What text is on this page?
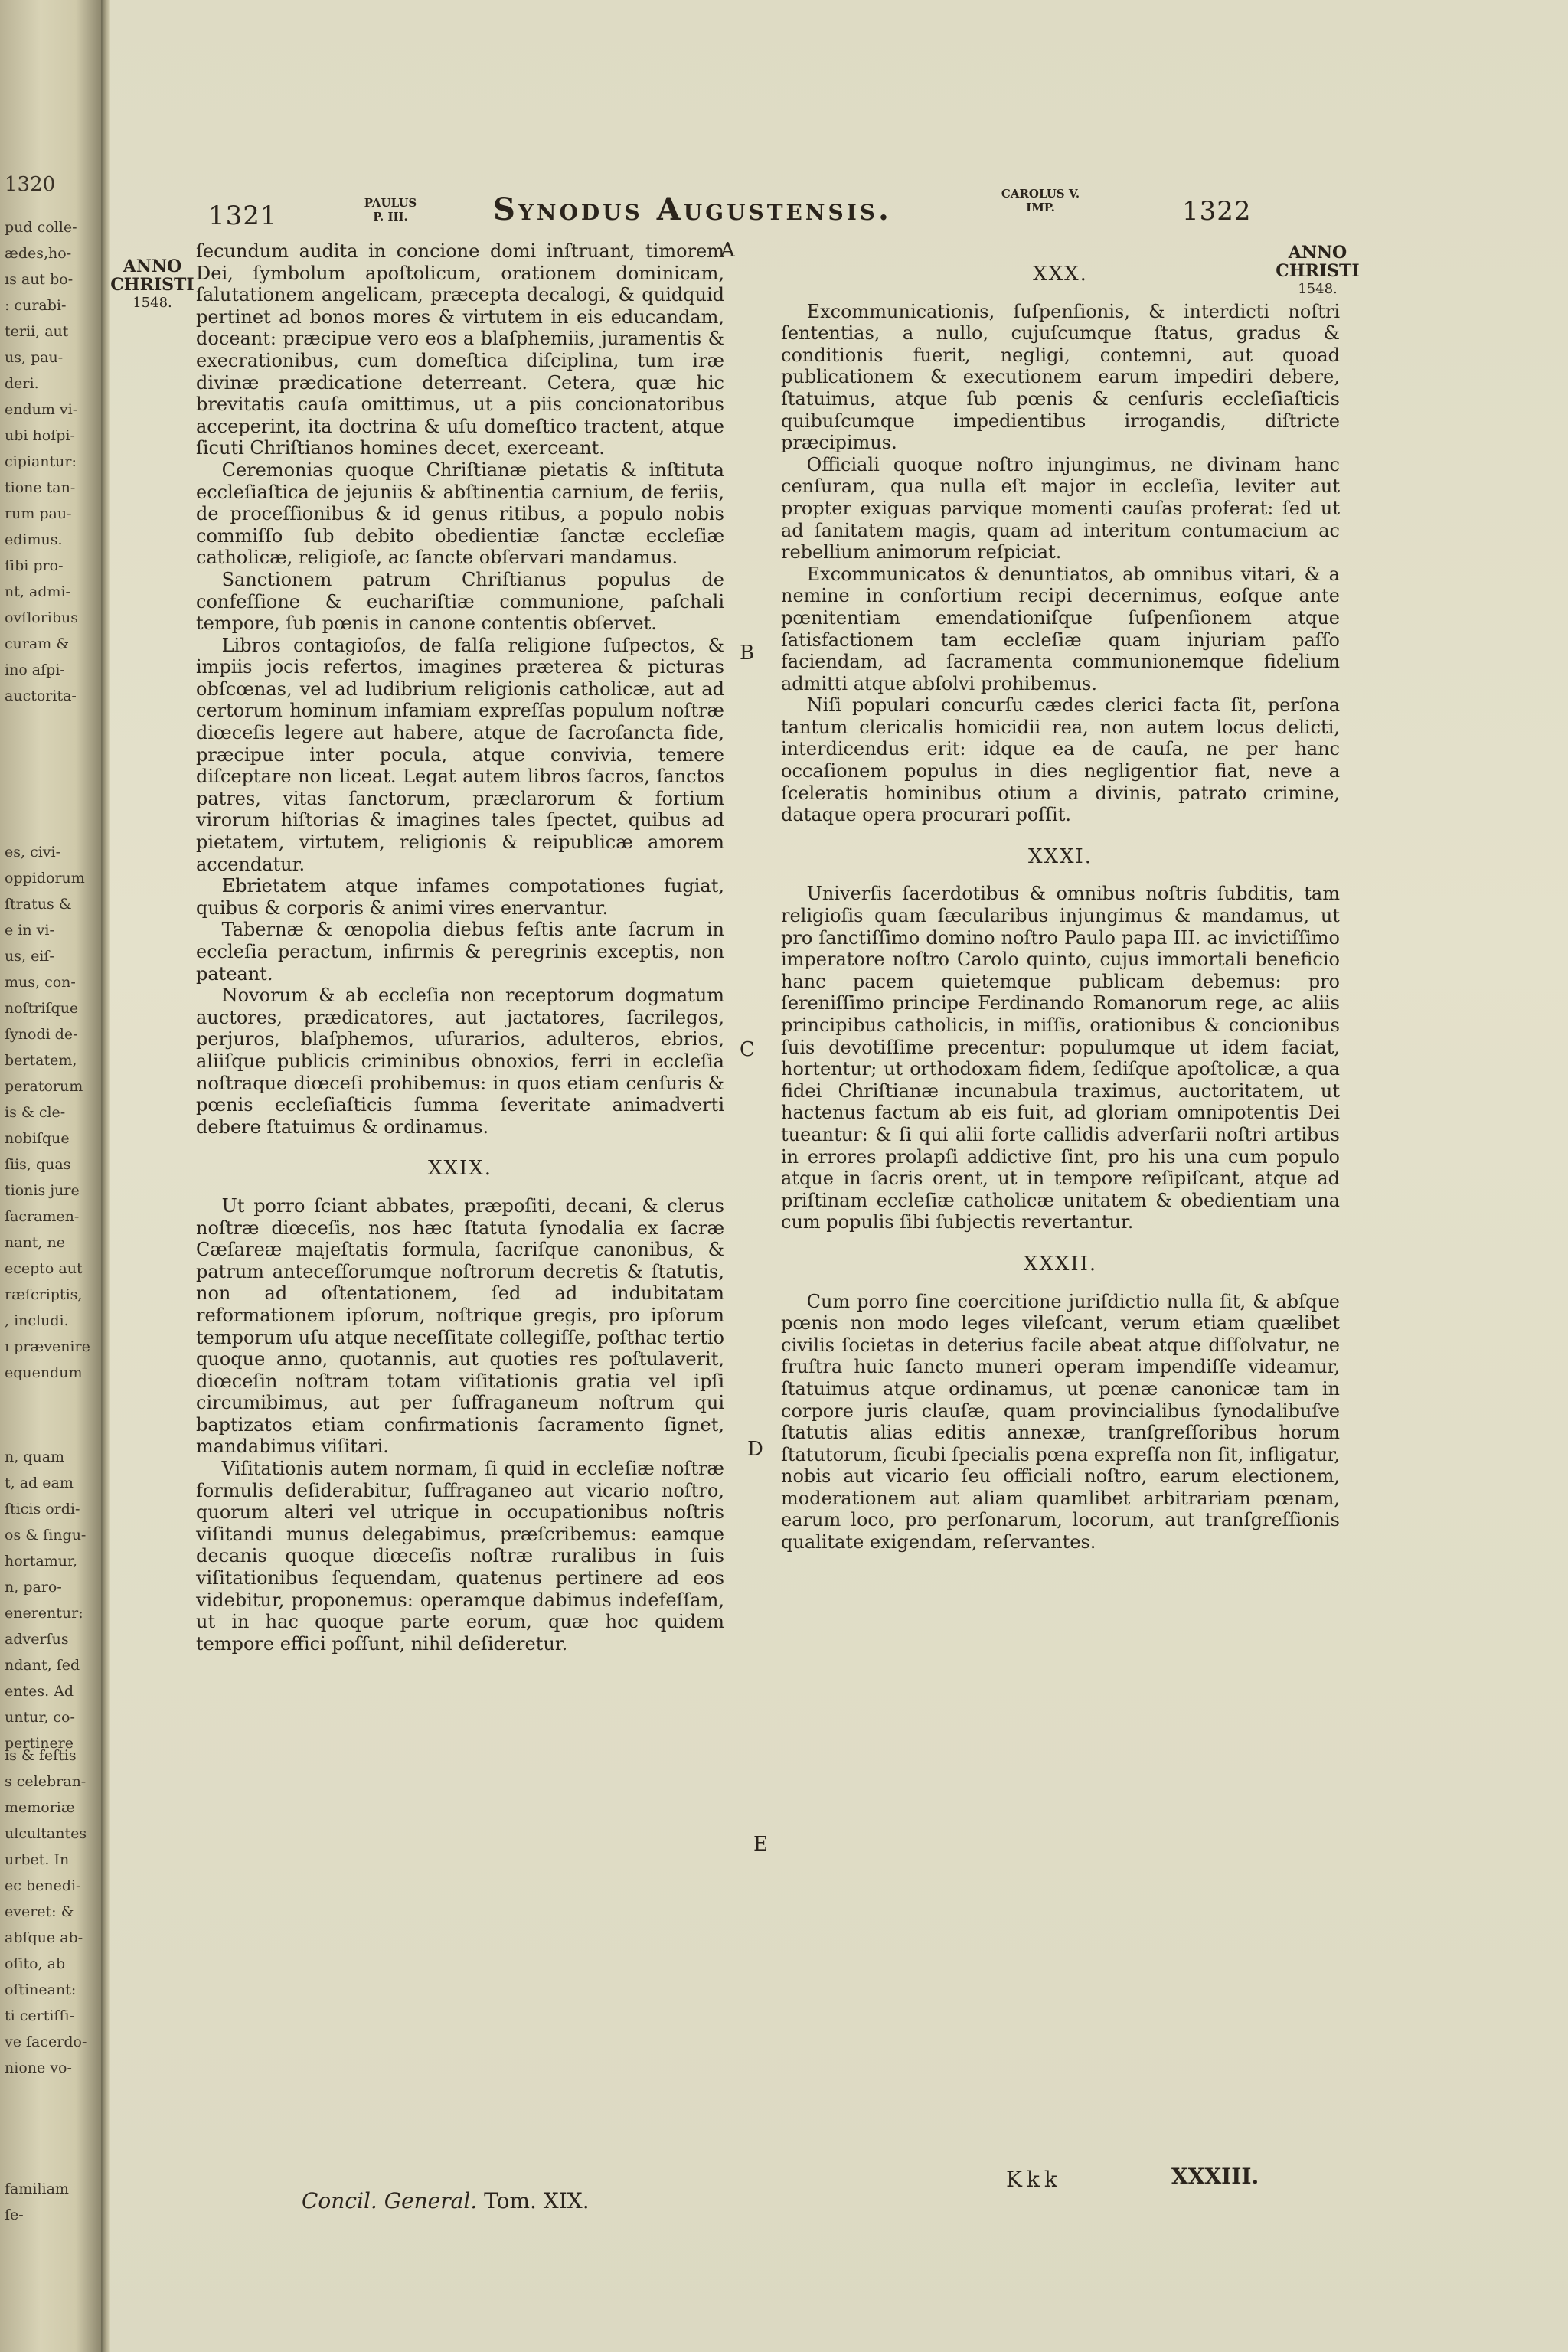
1320
pud colle-
ædes,ho-
ıs aut bo-
: curabi-
terii, aut
us, pau-
deri.
endum vi-
ubi hoſpi-
cipiantur:
tione tan-
rum pau-
edimus.
ſibi pro-
nt, admi-
ovſloribus
curam &
ino aſpi-
auctorita-
es, civi-
oppidorum
ſtratus &
e in vi-
us, eiſ-
mus, con-
noſtriſque
ſynodi de-
bertatem,
peratorum
is & cle-
nobiſque
ſiis, quas
tionis jure
ſacramen-
nant, ne
ecepto aut
ræſcriptis,
, includi.
ı prævenire
equendum
n, quam
t, ad eam
ſticis ordi-
os & ſingu-
hortamur,
n, paro-
enerentur:
adverſus
ndant, ſed
entes. Ad
untur, co-
pertinere
is & feſtis
s celebran-
memoriæ
ulcultantes
urbet. In
ec benedi-
everet: &
abſque ab-
oſito, ab
oſtineant:
ti certiſſi-
ve ſacerdo-
nione vo-
familiam
ſe-
1321	PAULUS
P. III.	Synodus Augustensis.	CAROLUS V.
IMP.	1322
ANNO
CHRISTI
1548.
ANNO
CHRISTI
1548.
A
B
C
D
E

ſecundum audita in concione domi inſtruant, timorem Dei, ſymbolum apoſtolicum, orationem dominicam, ſalutationem angelicam, præcepta decalogi, & quidquid pertinet ad bonos mores & virtutem in eis educandam, doceant: præcipue vero eos a blaſphemiis, juramentis & execrationibus, cum domeſtica diſciplina, tum iræ divinæ prædicatione deterreant. Cetera, quæ hic brevitatis cauſa omittimus, ut a piis concionatoribus acceperint, ita doctrina & uſu domeſtico tractent, atque ſicuti Chriſtianos homines decet, exerceant.

Ceremonias quoque Chriſtianæ pietatis & inſtituta eccleſiaſtica de jejuniis & abſtinentia carnium, de feriis, de proceſſionibus & id genus ritibus, a populo nobis commiſſo ſub debito obedientiæ ſanctæ eccleſiæ catholicæ, religioſe, ac ſancte obſervari mandamus.

Sanctionem patrum Chriſtianus populus de confeſſione & euchariſtiæ communione, paſchali tempore, ſub pœnis in canone contentis obſervet.

Libros contagioſos, de falſa religione ſuſpectos, & impiis jocis refertos, imagines præterea & picturas obſcœnas, vel ad ludibrium religionis catholicæ, aut ad certorum hominum infamiam expreſſas populum noſtræ diœceſis legere aut habere, atque de ſacroſancta fide, præcipue inter pocula, atque convivia, temere diſceptare non liceat. Legat autem libros ſacros, ſanctos patres, vitas ſanctorum, præclarorum & fortium virorum hiſtorias & imagines tales ſpectet, quibus ad pietatem, virtutem, religionis & reipublicæ amorem accendatur.

Ebrietatem atque infames compotationes fugiat, quibus & corporis & animi vires enervantur.

Tabernæ & œnopolia diebus feſtis ante ſacrum in eccleſia peractum, infirmis & peregrinis exceptis, non pateant.

Novorum & ab eccleſia non receptorum dogmatum auctores, prædicatores, aut jactatores, ſacrilegos, perjuros, blaſphemos, uſurarios, adulteros, ebrios, aliiſque publicis criminibus obnoxios, ferri in eccleſia noſtraque diœceſi prohibemus: in quos etiam cenſuris & pœnis eccleſiaſticis ſumma ſeveritate animadverti debere ſtatuimus & ordinamus.

XXIX.

Ut porro ſciant abbates, præpoſiti, decani, & clerus noſtræ diœceſis, nos hæc ſtatuta ſynodalia ex ſacræ Cæſareæ majeſtatis formula, ſacriſque canonibus, & patrum anteceſſorumque noſtrorum decretis & ſtatutis, non ad oſtentationem, ſed ad indubitatam reformationem ipſorum, noſtrique gregis, pro ipſorum temporum uſu atque neceſſitate collegiſſe, poſthac tertio quoque anno, quotannis, aut quoties res poſtulaverit, diœceſin noſtram totam viſitationis gratia vel ipſi circumibimus, aut per ſuffraganeum noſtrum qui baptizatos etiam confirmationis ſacramento ſignet, mandabimus viſitari.

Viſitationis autem normam, ſi quid in eccleſiæ noſtræ formulis deſiderabitur, ſuffraganeo aut vicario noſtro, quorum alteri vel utrique in occupationibus noſtris viſitandi munus delegabimus, præſcribemus: eamque decanis quoque diœceſis noſtræ ruralibus in ſuis viſitationibus ſequendam, quatenus pertinere ad eos videbitur, proponemus: operamque dabimus indefeſſam, ut in hac quoque parte eorum, quæ hoc quidem tempore effici poſſunt, nihil deſideretur.

XXX.

Excommunicationis, ſuſpenſionis, & interdicti noſtri ſententias, a nullo, cujuſcumque ſtatus, gradus & conditionis fuerit, negligi, contemni, aut quoad publicationem & executionem earum impediri debere, ſtatuimus, atque ſub pœnis & cenſuris eccleſiaſticis quibuſcumque impedientibus irrogandis, diſtricte præcipimus.

Officiali quoque noſtro injungimus, ne divinam hanc cenſuram, qua nulla eſt major in eccleſia, leviter aut propter exiguas parvique momenti cauſas proferat: ſed ut ad ſanitatem magis, quam ad interitum contumacium ac rebellium animorum reſpiciat.

Excommunicatos & denuntiatos, ab omnibus vitari, & a nemine in conſortium recipi decernimus, eoſque ante pœnitentiam emendationiſque ſuſpenſionem atque ſatisfactionem tam eccleſiæ quam injuriam paſſo faciendam, ad ſacramenta communionemque fidelium admitti atque abſolvi prohibemus.

Niſi populari concurſu cædes clerici facta ſit, perſona tantum clericalis homicidii rea, non autem locus delicti, interdicendus erit: idque ea de cauſa, ne per hanc occaſionem populus in dies negligentior fiat, neve a ſceleratis hominibus otium a divinis, patrato crimine, dataque opera procurari poſſit.

XXXI.

Univerſis ſacerdotibus & omnibus noſtris ſubditis, tam religioſis quam ſæcularibus injungimus & mandamus, ut pro ſanctiſſimo domino noſtro Paulo papa III. ac invictiſſimo imperatore noſtro Carolo quinto, cujus immortali beneficio hanc pacem quietemque publicam debemus: pro ſereniſſimo principe Ferdinando Romanorum rege, ac aliis principibus catholicis, in miſſis, orationibus & concionibus ſuis devotiſſime precentur: populumque ut idem faciat, hortentur; ut orthodoxam fidem, ſediſque apoſtolicæ, a qua fidei Chriſtianæ incunabula traximus, auctoritatem, ut hactenus factum ab eis fuit, ad gloriam omnipotentis Dei tueantur: & ſi qui alii forte callidis adverſarii noſtri artibus in errores prolapſi addictive ſint, pro his una cum populo atque in ſacris orent, ut in tempore reſipiſcant, atque ad priſtinam eccleſiæ catholicæ unitatem & obedientiam una cum populis ſibi ſubjectis revertantur.

XXXII.

Cum porro ſine coercitione juriſdictio nulla ſit, & abſque pœnis non modo leges vileſcant, verum etiam quælibet civilis ſocietas in deterius facile abeat atque diſſolvatur, ne fruſtra huic ſancto muneri operam impendiſſe videamur, ſtatuimus atque ordinamus, ut pœnæ canonicæ tam in corpore juris clauſæ, quam provincialibus ſynodalibuſve ſtatutis alias editis annexæ, tranſgreſſoribus horum ſtatutorum, ſicubi ſpecialis pœna expreſſa non ſit, infligatur, nobis aut vicario ſeu officiali noſtro, earum electionem, moderationem aut aliam quamlibet arbitrariam pœnam, earum loco, pro perſonarum, locorum, aut tranſgreſſionis qualitate exigendam, reſervantes.

Concil. General. Tom. XIX.
Kkk	XXXIII.
